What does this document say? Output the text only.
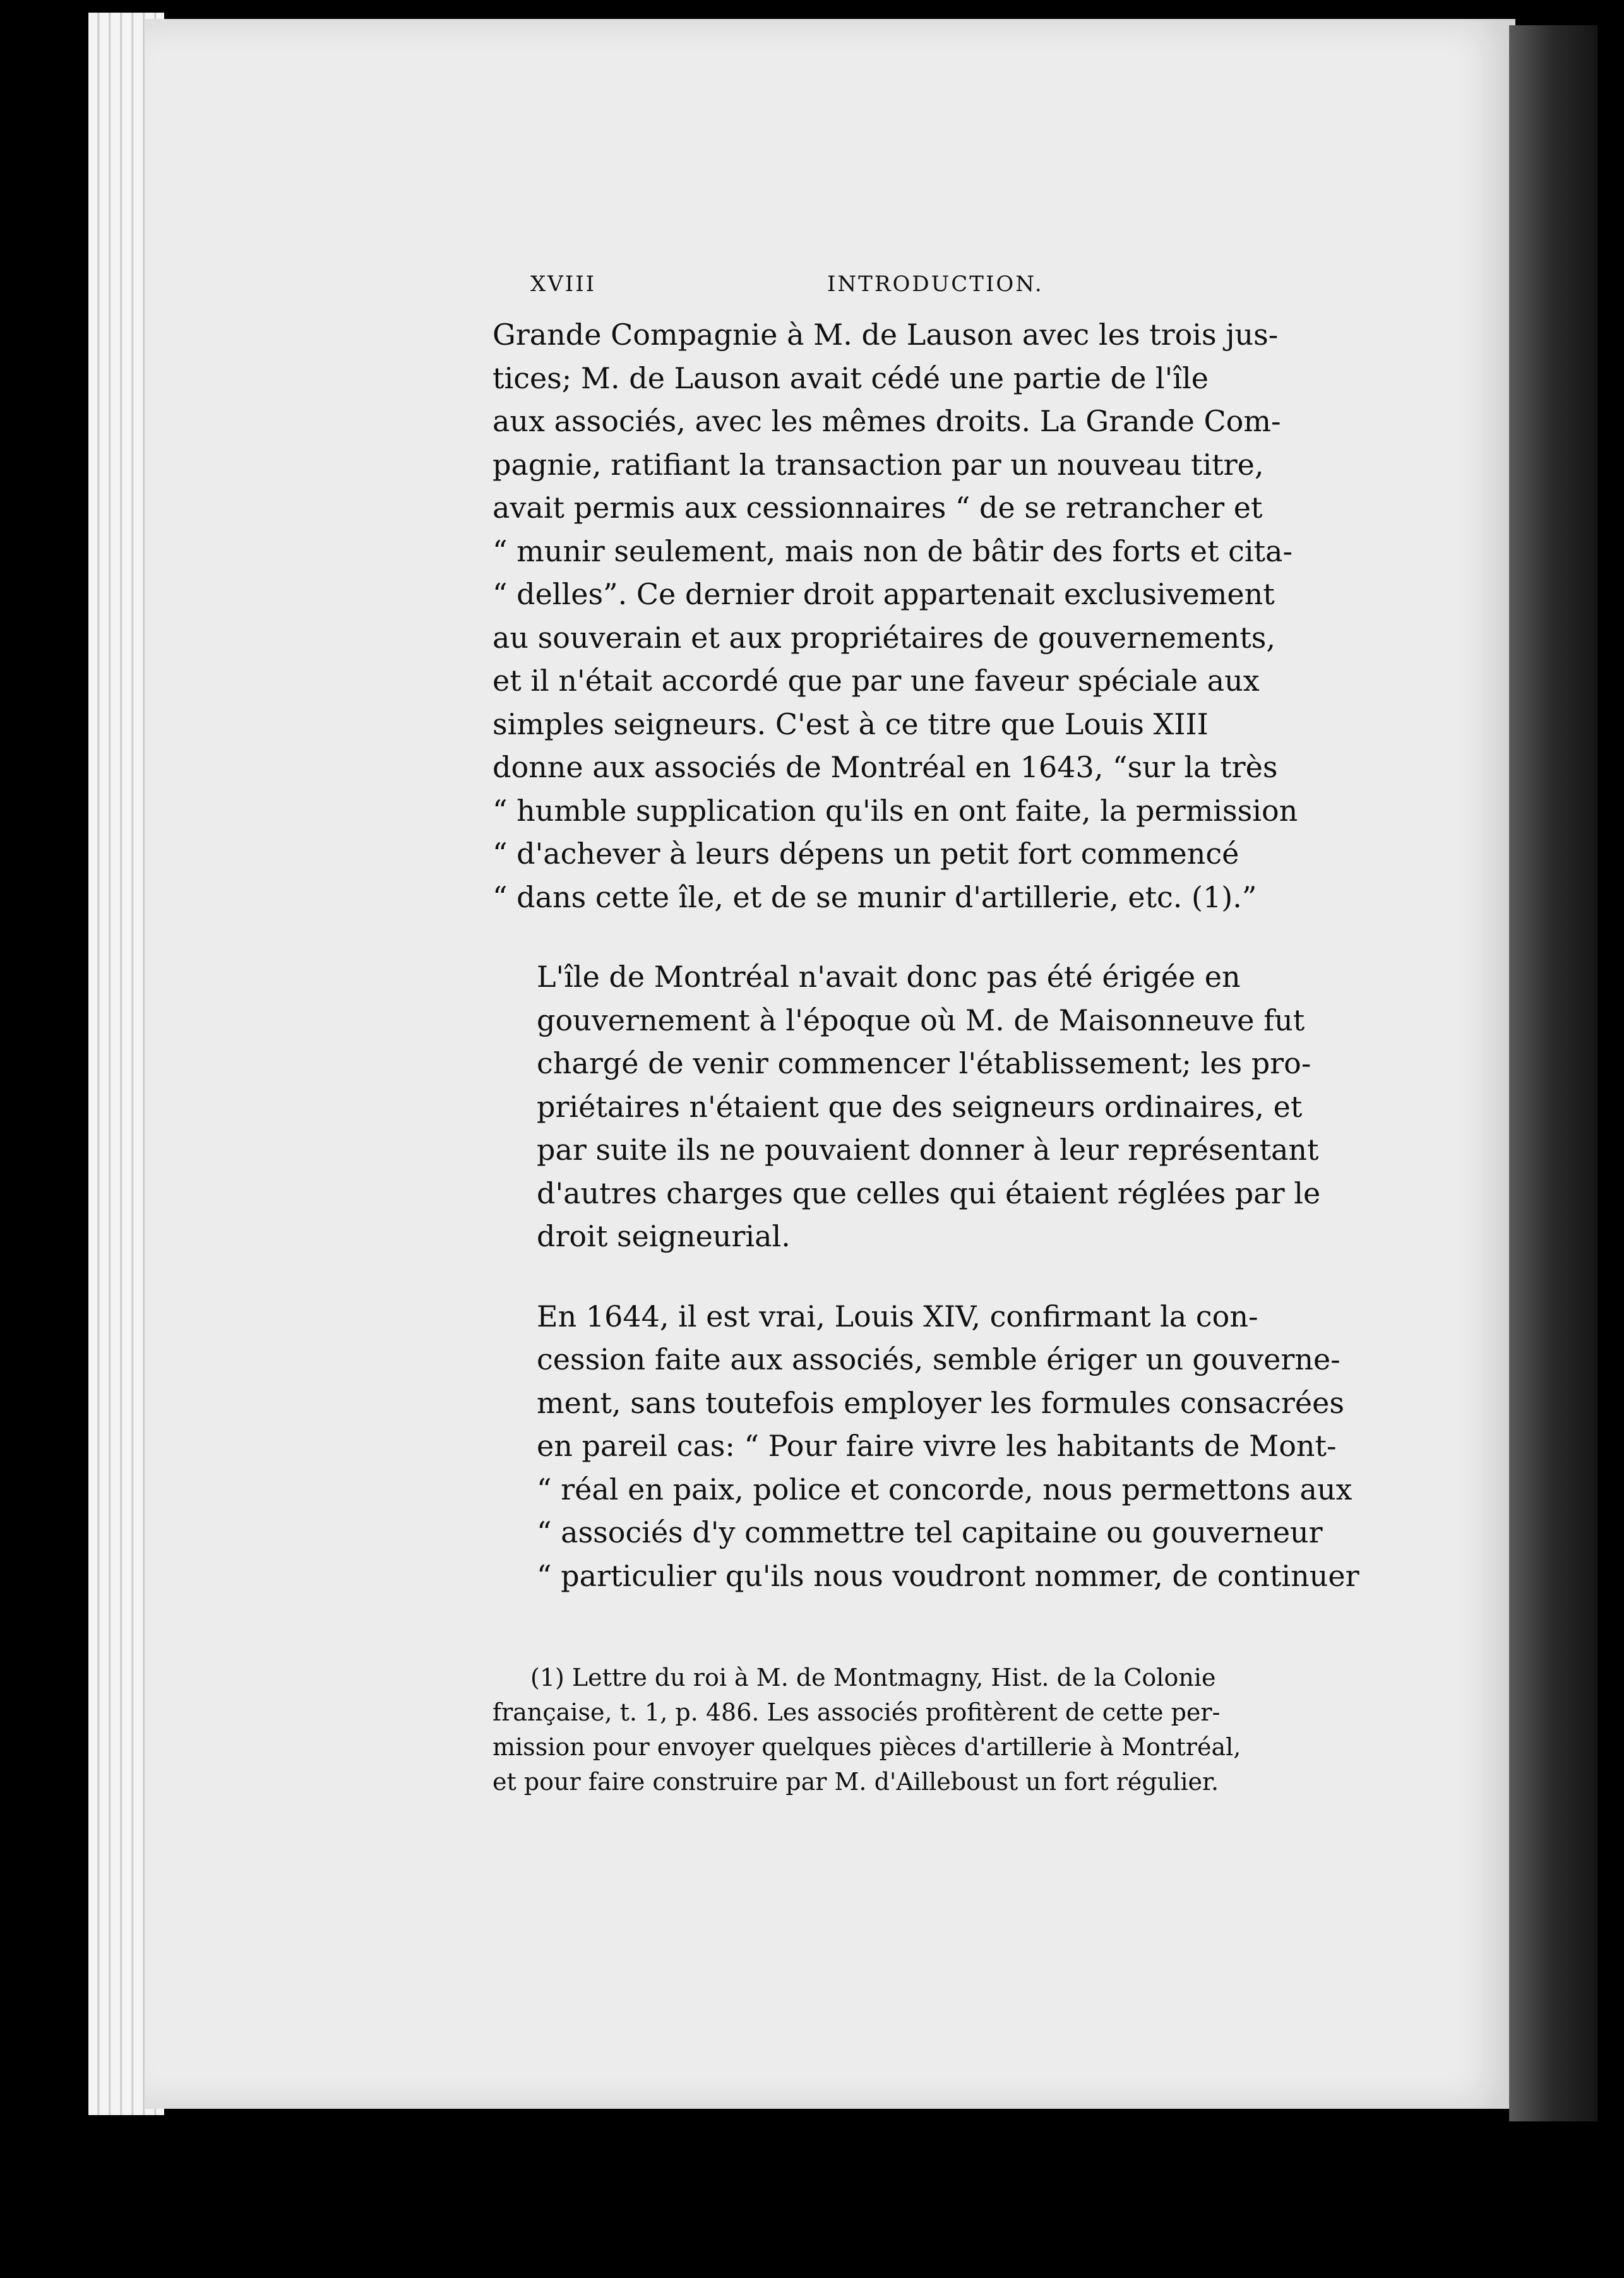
XVIII	INTRODUCTION.

Grande Compagnie à M. de Lauson avec les trois jus-
tices; M. de Lauson avait cédé une partie de l'île
aux associés, avec les mêmes droits. La Grande Com-
pagnie, ratifiant la transaction par un nouveau titre,
avait permis aux cessionnaires “ de se retrancher et
“ munir seulement, mais non de bâtir des forts et cita-
“ delles”. Ce dernier droit appartenait exclusivement
au souverain et aux propriétaires de gouvernements,
et il n'était accordé que par une faveur spéciale aux
simples seigneurs. C'est à ce titre que Louis XIII
donne aux associés de Montréal en 1643, “sur la très
“ humble supplication qu'ils en ont faite, la permission
“ d'achever à leurs dépens un petit fort commencé
“ dans cette île, et de se munir d'artillerie, etc. (1).”

L'île de Montréal n'avait donc pas été érigée en
gouvernement à l'époque où M. de Maisonneuve fut
chargé de venir commencer l'établissement; les pro-
priétaires n'étaient que des seigneurs ordinaires, et
par suite ils ne pouvaient donner à leur représentant
d'autres charges que celles qui étaient réglées par le
droit seigneurial.

En 1644, il est vrai, Louis XIV, confirmant la con-
cession faite aux associés, semble ériger un gouverne-
ment, sans toutefois employer les formules consacrées
en pareil cas: “ Pour faire vivre les habitants de Mont-
“ réal en paix, police et concorde, nous permettons aux
“ associés d'y commettre tel capitaine ou gouverneur
“ particulier qu'ils nous voudront nommer, de continuer

(1) Lettre du roi à M. de Montmagny, Hist. de la Colonie
française, t. 1, p. 486. Les associés profitèrent de cette per-
mission pour envoyer quelques pièces d'artillerie à Montréal,
et pour faire construire par M. d'Ailleboust un fort régulier.
